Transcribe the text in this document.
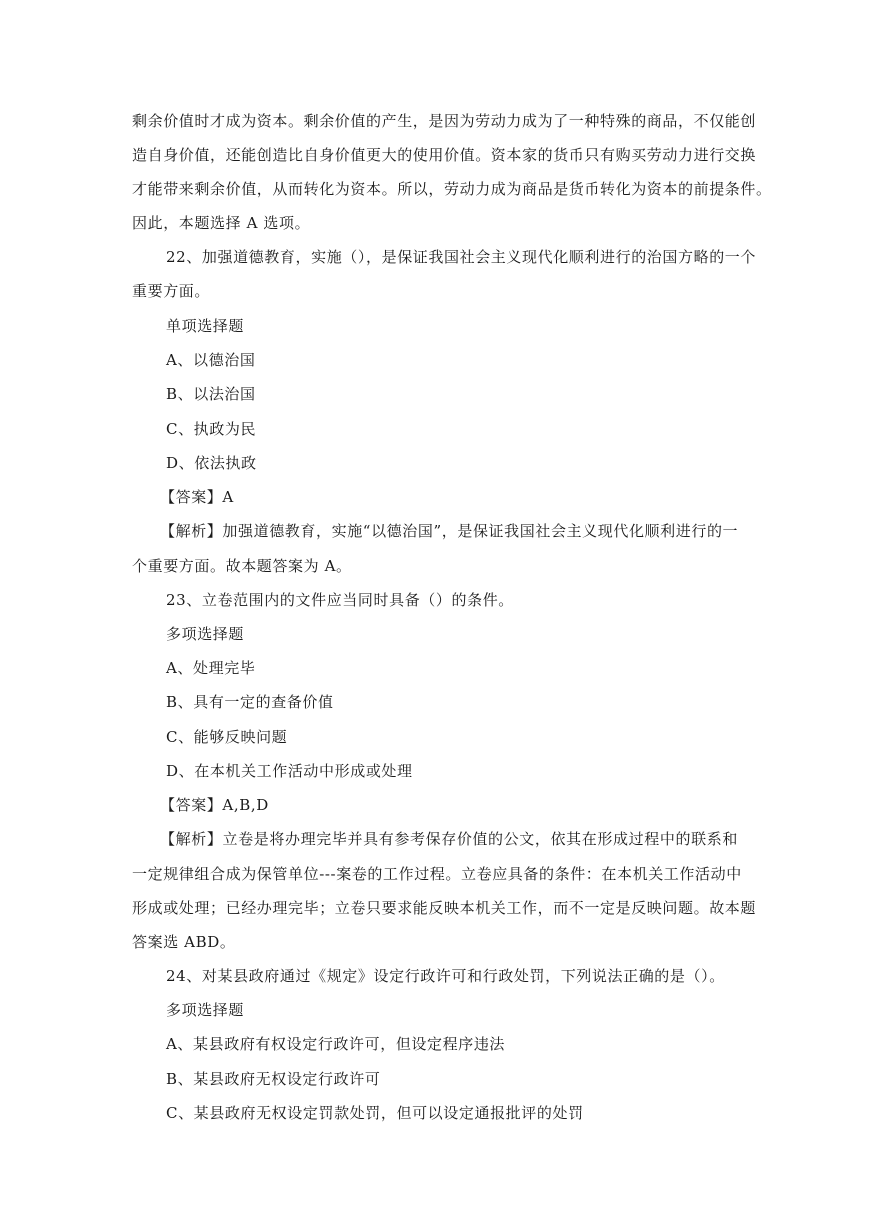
剩余价值时才成为资本。剩余价值的产生，是因为劳动力成为了一种特殊的商品，不仅能创
造自身价值，还能创造比自身价值更大的使用价值。资本家的货币只有购买劳动力进行交换
才能带来剩余价值，从而转化为资本。所以，劳动力成为商品是货币转化为资本的前提条件。
因此，本题选择 A 选项。
22、加强道德教育，实施（），是保证我国社会主义现代化顺利进行的治国方略的一个
重要方面。
单项选择题
A、以德治国
B、以法治国
C、执政为民
D、依法执政
【答案】A
【解析】加强道德教育，实施“以德治国”，是保证我国社会主义现代化顺利进行的一
个重要方面。故本题答案为 A。
23、立卷范围内的文件应当同时具备（）的条件。
多项选择题
A、处理完毕
B、具有一定的查备价值
C、能够反映问题
D、在本机关工作活动中形成或处理
【答案】A,B,D
【解析】立卷是将办理完毕并具有参考保存价值的公文，依其在形成过程中的联系和
一定规律组合成为保管单位---案卷的工作过程。立卷应具备的条件：在本机关工作活动中
形成或处理；已经办理完毕；立卷只要求能反映本机关工作，而不一定是反映问题。故本题
答案选 ABD。
24、对某县政府通过《规定》设定行政许可和行政处罚，下列说法正确的是（）。
多项选择题
A、某县政府有权设定行政许可，但设定程序违法
B、某县政府无权设定行政许可
C、某县政府无权设定罚款处罚，但可以设定通报批评的处罚
